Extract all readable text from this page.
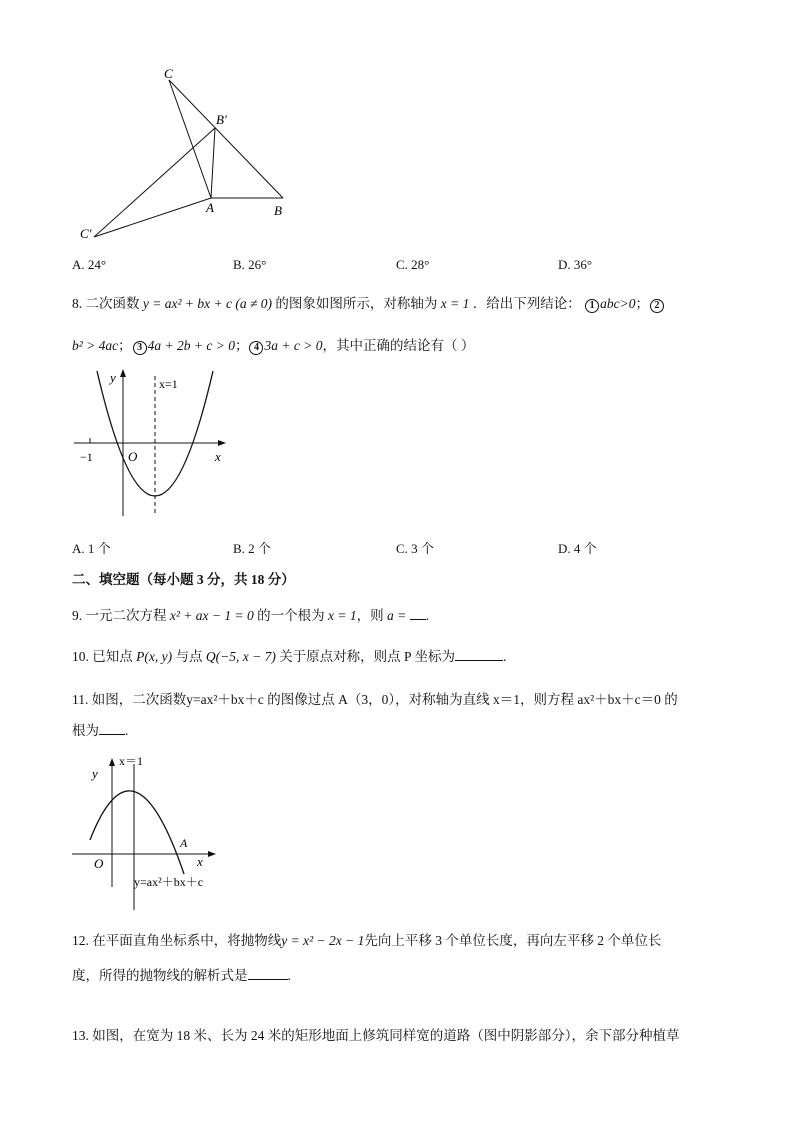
C
B′
A	B
C′
A. 24°	B. 26°	C. 28°	D. 36°
8. 二次函数 y = ax² + bx + c (a ≠ 0) 的图象如图所示，对称轴为 x = 1 ．给出下列结论： 1 abc>0； 2
b² > 4ac； 3 4a + 2b + c > 0； 4 3a + c > 0，其中正确的结论有（ ）
y	x=1
−1	O	x
A. 1 个	B. 2 个	C. 3 个	D. 4 个
二、填空题（每小题 3 分，共 18 分）
9. 一元二次方程 x² + ax − 1 = 0 的一个根为 x = 1，则 a = .
10. 已知点 P(x, y) 与点 Q(−5, x − 7) 关于原点对称，则点 P 坐标为	.
11. 如图，二次函数y=ax²＋bx＋c 的图像过点 A（3，0），对称轴为直线 x＝1，则方程 ax²＋bx＋c＝0 的
根为 .
y
x＝1
A
O	x
y=ax²＋bx＋c
12. 在平面直角坐标系中，将抛物线y = x² − 2x − 1先向上平移 3 个单位长度，再向左平移 2 个单位长
度，所得的抛物线的解析式是	.
13. 如图，在宽为 18 米、长为 24 米的矩形地面上修筑同样宽的道路（图中阴影部分），余下部分种植草
